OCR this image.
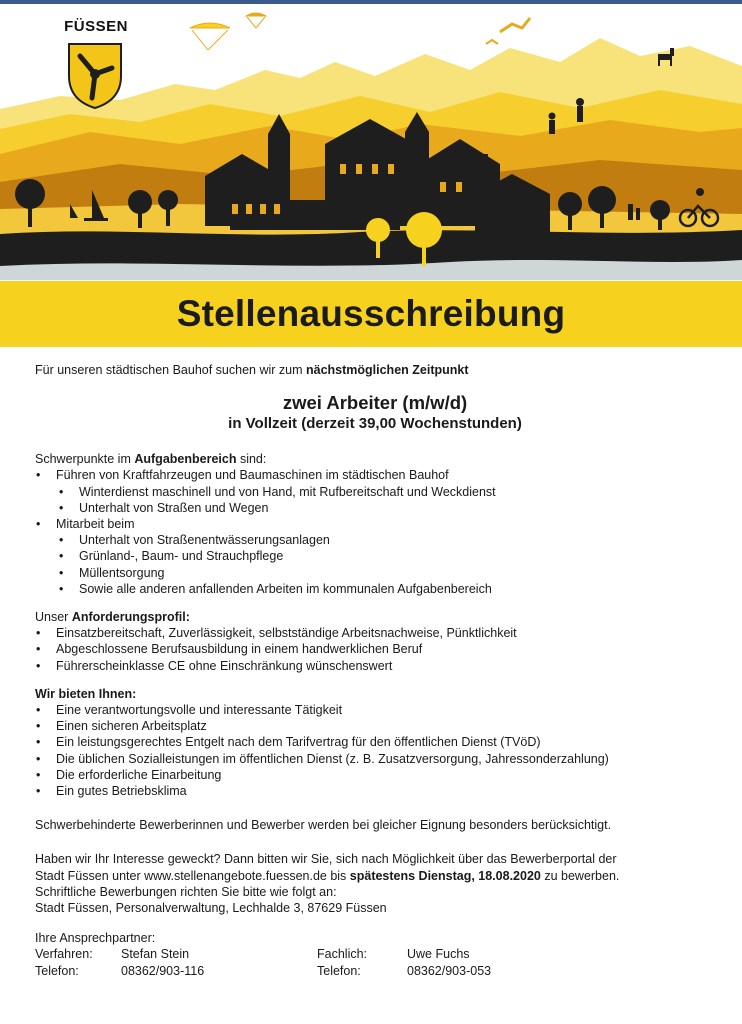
FÜSSEN
Stellenausschreibung

Für unseren städtischen Bauhof suchen wir zum nächstmöglichen Zeitpunkt

zwei Arbeiter (m/w/d)
in Vollzeit (derzeit 39,00 Wochenstunden)

Schwerpunkte im Aufgabenbereich sind:

• Führen von Kraftfahrzeugen und Baumaschinen im städtischen Bauhof
• Winterdienst maschinell und von Hand, mit Rufbereitschaft und Weckdienst
• Unterhalt von Straßen und Wegen
• Mitarbeit beim
• Unterhalt von Straßenentwässerungsanlagen
• Grünland-, Baum- und Strauchpflege
• Müllentsorgung
• Sowie alle anderen anfallenden Arbeiten im kommunalen Aufgabenbereich

Unser Anforderungsprofil:

• Einsatzbereitschaft, Zuverlässigkeit, selbstständige Arbeitsnachweise, Pünktlichkeit
• Abgeschlossene Berufsausbildung in einem handwerklichen Beruf
• Führerscheinklasse CE ohne Einschränkung wünschenswert

Wir bieten Ihnen:

• Eine verantwortungsvolle und interessante Tätigkeit
• Einen sicheren Arbeitsplatz
• Ein leistungsgerechtes Entgelt nach dem Tarifvertrag für den öffentlichen Dienst (TVöD)
• Die üblichen Sozialleistungen im öffentlichen Dienst (z. B. Zusatzversorgung, Jahressonderzahlung)
• Die erforderliche Einarbeitung
• Ein gutes Betriebsklima

Schwerbehinderte Bewerberinnen und Bewerber werden bei gleicher Eignung besonders berücksichtigt.

Haben wir Ihr Interesse geweckt? Dann bitten wir Sie, sich nach Möglichkeit über das Bewerberportal der

Stadt Füssen unter www.stellenangebote.fuessen.de bis spätestens Dienstag, 18.08.2020 zu bewerben.

Schriftliche Bewerbungen richten Sie bitte wie folgt an:

Stadt Füssen, Personalverwaltung, Lechhalde 3, 87629 Füssen

Ihre Ansprechpartner:

Verfahren:	Stefan Stein	Fachlich:	Uwe Fuchs
Telefon:	08362/903-116	Telefon:	08362/903-053
